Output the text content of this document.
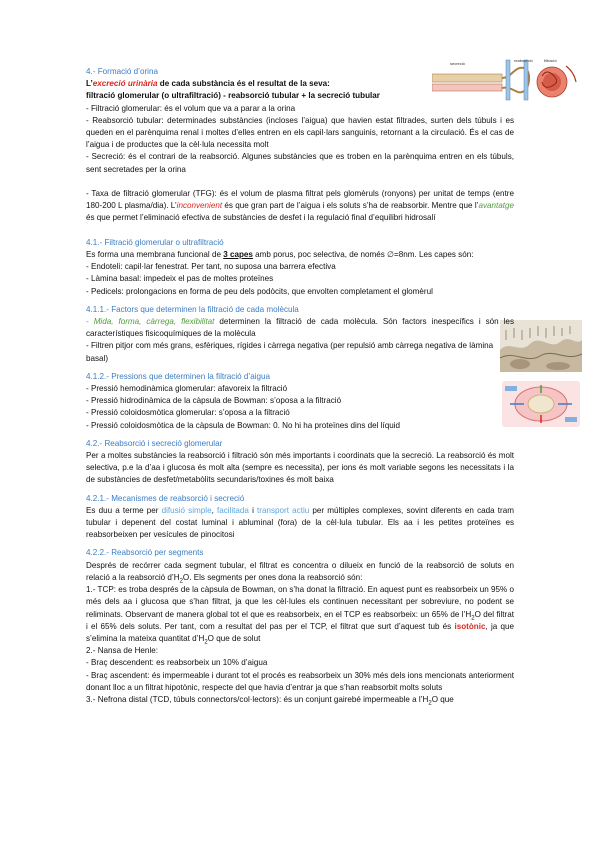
secreció
reabsorció	filtració

4.- Formació d’orina

L’excreció urinària de cada substància és el resultat de la seva:

filtració glomerular (o ultrafiltració) - reabsorció tubular + la secreció tubular

- Filtració glomerular: és el volum que va a parar a la orina

- Reabsorció tubular: determinades substàncies (incloses l’aigua) que havien estat filtrades, surten dels túbuls i es queden en el parènquima renal i moltes d’elles entren en els capil·lars sanguinis, retornant a la circulació. És el cas de l’aigua i de productes que la cèl·lula necessita molt

- Secreció: és el contrari de la reabsorció. Algunes substàncies que es troben en la parènquima entren en els túbuls, sent secretades per la orina

- Taxa de filtració glomerular (TFG): és el volum de plasma filtrat pels glomèruls (ronyons) per unitat de temps (entre 180-200 L plasma/dia). L’inconvenient és que gran part de l’aigua i els soluts s’ha de reabsorbir. Mentre que l’avantatge és que permet l’eliminació efectiva de substàncies de desfet i la regulació final d’equilibri hidrosalí

4.1.- Filtració glomerular o ultrafiltració

Es forma una membrana funcional de 3 capes amb porus, poc selectiva, de només ∅=8nm. Les capes són:

- Endoteli: capil·lar fenestrat. Per tant, no suposa una barrera efectiva

- Làmina basal: impedeix el pas de moltes proteïnes

- Pedicels: prolongacions en forma de peu dels podòcits, que envolten completament el glomèrul

4.1.1.- Factors que determinen la filtració de cada molècula

- Mida, forma, càrrega, flexibilitat determinen la filtració de cada molècula. Són factors inespecífics i són les característiques fisicoquímiques de la molècula

- Filtren pitjor com més grans, esfèriques, rígides i càrrega negativa (per repulsió amb càrrega negativa de làmina basal)

4.1.2.- Pressions que determinen la filtració d’aigua

- Pressió hemodinàmica glomerular: afavoreix la filtració

- Pressió hidrodinàmica de la càpsula de Bowman: s’oposa a la filtració

- Pressió coloidosmòtica glomerular: s’oposa a la filtració

- Pressió coloidosmòtica de la càpsula de Bowman: 0. No hi ha proteïnes dins del líquid

4.2.- Reabsorció i secreció glomerular

Per a moltes substàncies la reabsorció i filtració són més importants i coordinats que la secreció. La reabsorció és molt selectiva, p.e la d’aa i glucosa és molt alta (sempre es necessita), per ions és molt variable segons les necessitats i la de substàncies de desfet/metabòlits secundaris/toxines és molt baixa

4.2.1.- Mecanismes de reabsorció i secreció

Es duu a terme per difusió simple, facilitada i transport actiu per múltiples complexes, sovint diferents en cada tram tubular i depenent del costat luminal i abluminal (fora) de la cèl·lula tubular. Els aa i les petites proteïnes es reabsorbeixen per vesícules de pinocitosi

4.2.2.- Reabsorció per segments

Després de recórrer cada segment tubular, el filtrat es concentra o dilueix en funció de la reabsorció de soluts en relació a la reabsorció $d’H_2O$. Els segments per ones dona la reabsorció són:

1.- TCP: es troba després de la càpsula de Bowman, on s’ha donat la filtració. En aquest punt es reabsorbeix un 95% o més dels aa i glucosa que s’han filtrat, ja que les cèl·lules els continuen necessitant per sobreviure, no podent se reliminats. Observant de manera global tot el que es reabsorbeix, en el TCP es reabsorbeix: un 65% de $l’H_2O$ del filtrat i el 65% dels soluts. Per tant, com a resultat del pas per el TCP, el filtrat que surt d’aquest tub és isotònic, ja que s’elimina la mateixa quantitat $d’H_2O$ que de solut

2.- Nansa de Henle:

- Braç descendent: es reabsorbeix un 10% d’aigua

- Braç ascendent: és impermeable i durant tot el procés es reabsorbeix un 30% més dels ions mencionats anteriorment donant lloc a un filtrat hipotònic, respecte del que havia d’entrar ja que s’han reabsorbit molts soluts

3.- Nefrona distal (TCD, túbuls connectors/col·lectors): és un conjunt gairebé impermeable a $l’H_2O$ que
